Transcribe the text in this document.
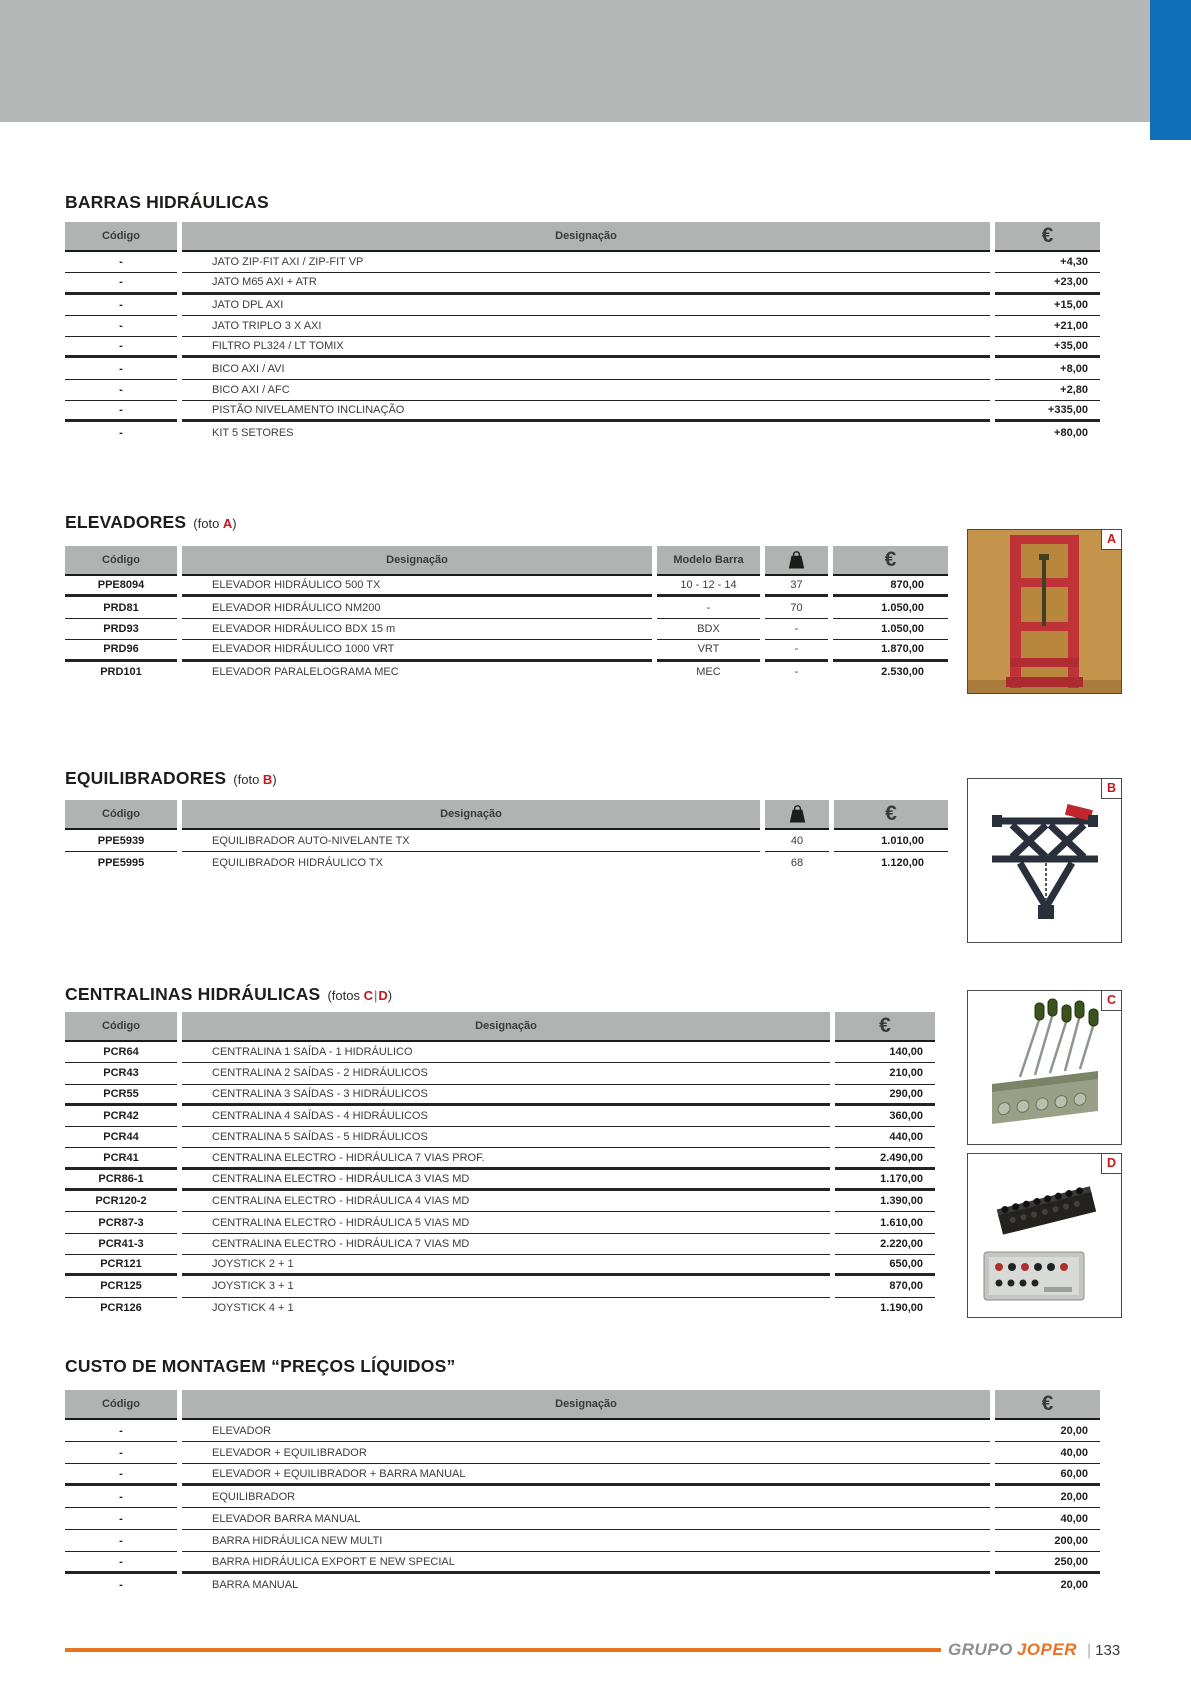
BARRAS HIDRÁULICAS
Código	Designação	€
-	JATO ZIP-FIT AXI / ZIP-FIT VP	+4,30
-	JATO M65 AXI + ATR	+23,00
-	JATO DPL AXI	+15,00
-	JATO TRIPLO 3 X AXI	+21,00
-	FILTRO PL324 / LT TOMIX	+35,00
-	BICO AXI / AVI	+8,00
-	BICO AXI / AFC	+2,80
-	PISTÃO NIVELAMENTO INCLINAÇÃO	+335,00
-	KIT 5 SETORES	+80,00
ELEVADORES (foto A)
Código	Designação	Modelo Barra		€
PPE8094	ELEVADOR HIDRÁULICO 500 TX	10 - 12 - 14	37	870,00
PRD81	ELEVADOR HIDRÁULICO NM200	-	70	1.050,00
PRD93	ELEVADOR HIDRÁULICO BDX 15 m	BDX	-	1.050,00
PRD96	ELEVADOR HIDRÁULICO 1000 VRT	VRT	-	1.870,00
PRD101	ELEVADOR PARALELOGRAMA MEC	MEC	-	2.530,00
A
EQUILIBRADORES (foto B)
Código	Designação		€
PPE5939	EQUILIBRADOR AUTO-NIVELANTE TX	40	1.010,00
PPE5995	EQUILIBRADOR HIDRÁULICO TX	68	1.120,00
B
CENTRALINAS HIDRÁULICAS (fotos C|D)
Código	Designação	€
PCR64	CENTRALINA 1 SAÍDA - 1 HIDRÁULICO	140,00
PCR43	CENTRALINA 2 SAÍDAS - 2 HIDRÁULICOS	210,00
PCR55	CENTRALINA 3 SAÍDAS - 3 HIDRÁULICOS	290,00
PCR42	CENTRALINA 4 SAÍDAS - 4 HIDRÁULICOS	360,00
PCR44	CENTRALINA 5 SAÍDAS - 5 HIDRÁULICOS	440,00
PCR41	CENTRALINA ELECTRO - HIDRÁULICA 7 VIAS PROF.	2.490,00
PCR86-1	CENTRALINA ELECTRO - HIDRÁULICA 3 VIAS MD	1.170,00
PCR120-2	CENTRALINA ELECTRO - HIDRÁULICA 4 VIAS MD	1.390,00
PCR87-3	CENTRALINA ELECTRO - HIDRÁULICA 5 VIAS MD	1.610,00
PCR41-3	CENTRALINA ELECTRO - HIDRÁULICA 7 VIAS MD	2.220,00
PCR121	JOYSTICK 2 + 1	650,00
PCR125	JOYSTICK 3 + 1	870,00
PCR126	JOYSTICK 4 + 1	1.190,00
C
D
CUSTO DE MONTAGEM “PREÇOS LÍQUIDOS”
Código	Designação	€
-	ELEVADOR	20,00
-	ELEVADOR + EQUILIBRADOR	40,00
-	ELEVADOR + EQUILIBRADOR + BARRA MANUAL	60,00
-	EQUILIBRADOR	20,00
-	ELEVADOR BARRA MANUAL	40,00
-	BARRA HIDRÁULICA NEW MULTI	200,00
-	BARRA HIDRÁULICA EXPORT E NEW SPECIAL	250,00
-	BARRA MANUAL	20,00
GRUPO JOPER | 133
